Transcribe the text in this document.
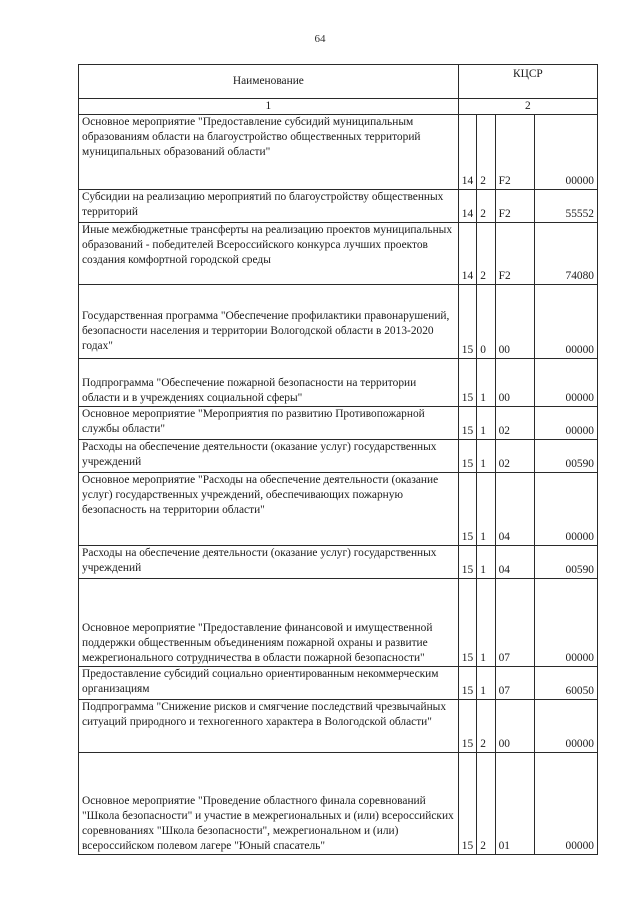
64
Наименование	КЦСР			
1	2			
Основное мероприятие "Предоставление субсидий муниципальным образованиям области на благоустройство общественных территорий муниципальных образований области"	14	2	F2	00000
Субсидии на реализацию мероприятий по благоустройству общественных территорий	14	2	F2	55552
Иные межбюджетные трансферты на реализацию проектов муниципальных образований - победителей Всероссийского конкурса лучших проектов создания комфортной городской среды	14	2	F2	74080
Государственная программа "Обеспечение профилактики правонарушений, безопасности населения и территории Вологодской области в 2013-2020 годах"	15	0	00	00000
Подпрограмма "Обеспечение пожарной безопасности на территории области и в учреждениях социальной сферы"	15	1	00	00000
Основное мероприятие "Мероприятия по развитию Противопожарной службы области"	15	1	02	00000
Расходы на обеспечение деятельности (оказание услуг) государственных учреждений	15	1	02	00590
Основное мероприятие "Расходы на обеспечение деятельности (оказание услуг) государственных учреждений, обеспечивающих пожарную безопасность на территории области"	15	1	04	00000
Расходы на обеспечение деятельности (оказание услуг) государственных учреждений	15	1	04	00590
Основное мероприятие "Предоставление финансовой и имущественной поддержки общественным объединениям пожарной охраны и развитие межрегионального сотрудничества в области пожарной безопасности"	15	1	07	00000
Предоставление субсидий социально ориентированным некоммерческим организациям	15	1	07	60050
Подпрограмма "Снижение рисков и смягчение последствий чрезвычайных ситуаций природного и техногенного характера в Вологодской области"	15	2	00	00000
Основное мероприятие "Проведение областного финала соревнований "Школа безопасности" и участие в межрегиональных и (или) всероссийских соревнованиях "Школа безопасности", межрегиональном и (или) всероссийском полевом лагере "Юный спасатель"	15	2	01	00000
